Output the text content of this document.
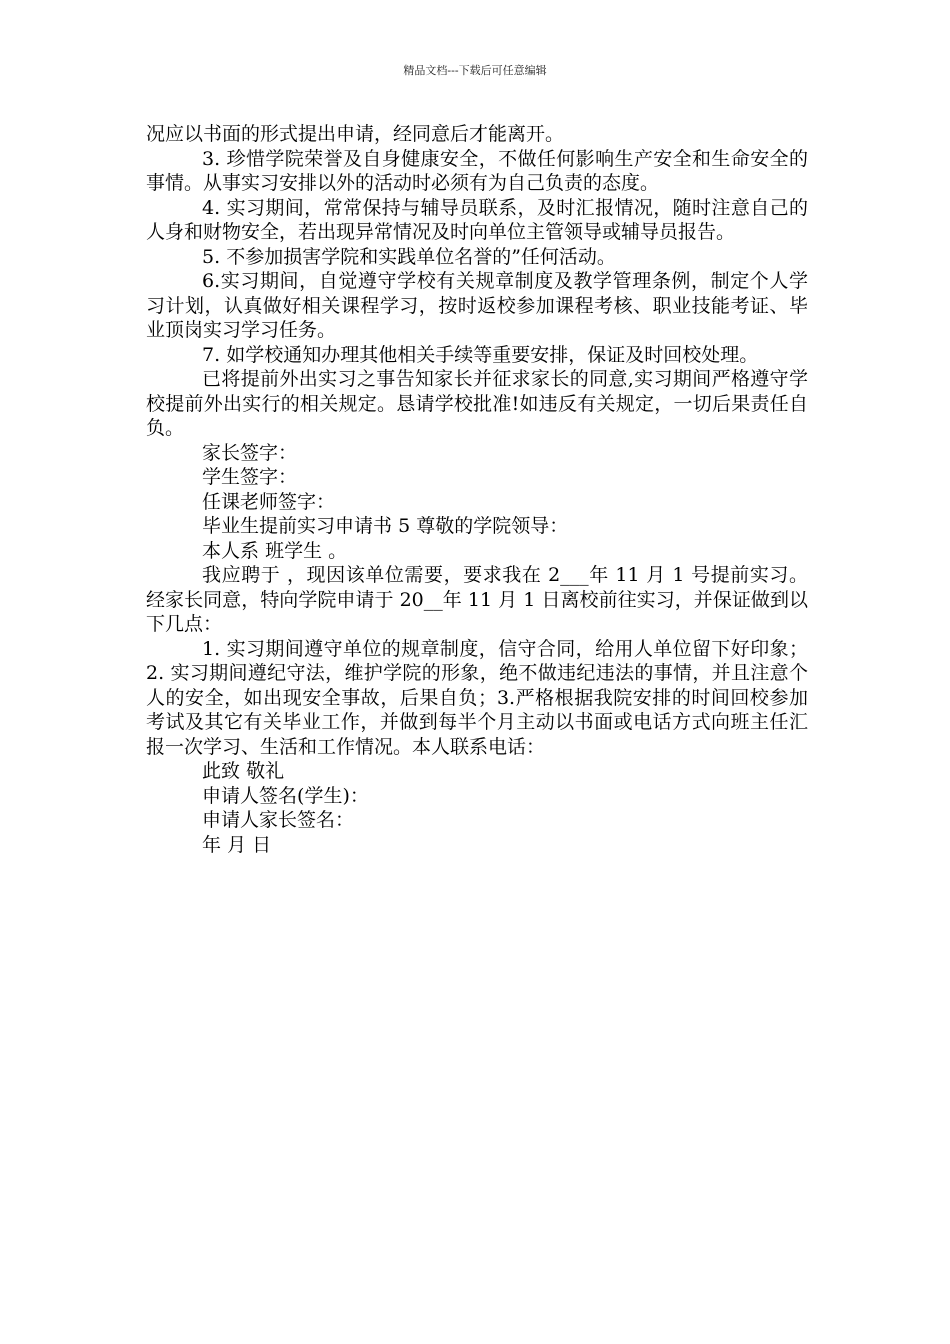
精品文档---下载后可任意编辑

况应以书面的形式提出申请，经同意后才能离开。

3. 珍惜学院荣誉及自身健康安全，不做任何影响生产安全和生命安全的事情。从事实习安排以外的活动时必须有为自己负责的态度。

4. 实习期间，常常保持与辅导员联系，及时汇报情况，随时注意自己的人身和财物安全，若出现异常情况及时向单位主管领导或辅导员报告。

5. 不参加损害学院和实践单位名誉的”任何活动。

6.实习期间，自觉遵守学校有关规章制度及教学管理条例，制定个人学习计划，认真做好相关课程学习，按时返校参加课程考核、职业技能考证、毕业顶岗实习学习任务。

7. 如学校通知办理其他相关手续等重要安排，保证及时回校处理。

已将提前外出实习之事告知家长并征求家长的同意,实习期间严格遵守学校提前外出实行的相关规定。恳请学校批准!如违反有关规定，一切后果责任自负。

家长签字：

学生签字：

任课老师签字：

毕业生提前实习申请书 5 尊敬的学院领导：

本人系 班学生 。

我应聘于 ，现因该单位需要，要求我在 2___年 11 月 1 号提前实习。经家长同意，特向学院申请于 20__年 11 月 1 日离校前往实习，并保证做到以下几点：

1. 实习期间遵守单位的规章制度，信守合同，给用人单位留下好印象； 2. 实习期间遵纪守法，维护学院的形象，绝不做违纪违法的事情，并且注意个人的安全，如出现安全事故，后果自负；3.严格根据我院安排的时间回校参加考试及其它有关毕业工作，并做到每半个月主动以书面或电话方式向班主任汇报一次学习、生活和工作情况。本人联系电话：

此致 敬礼

申请人签名(学生)：

申请人家长签名：

年 月 日
